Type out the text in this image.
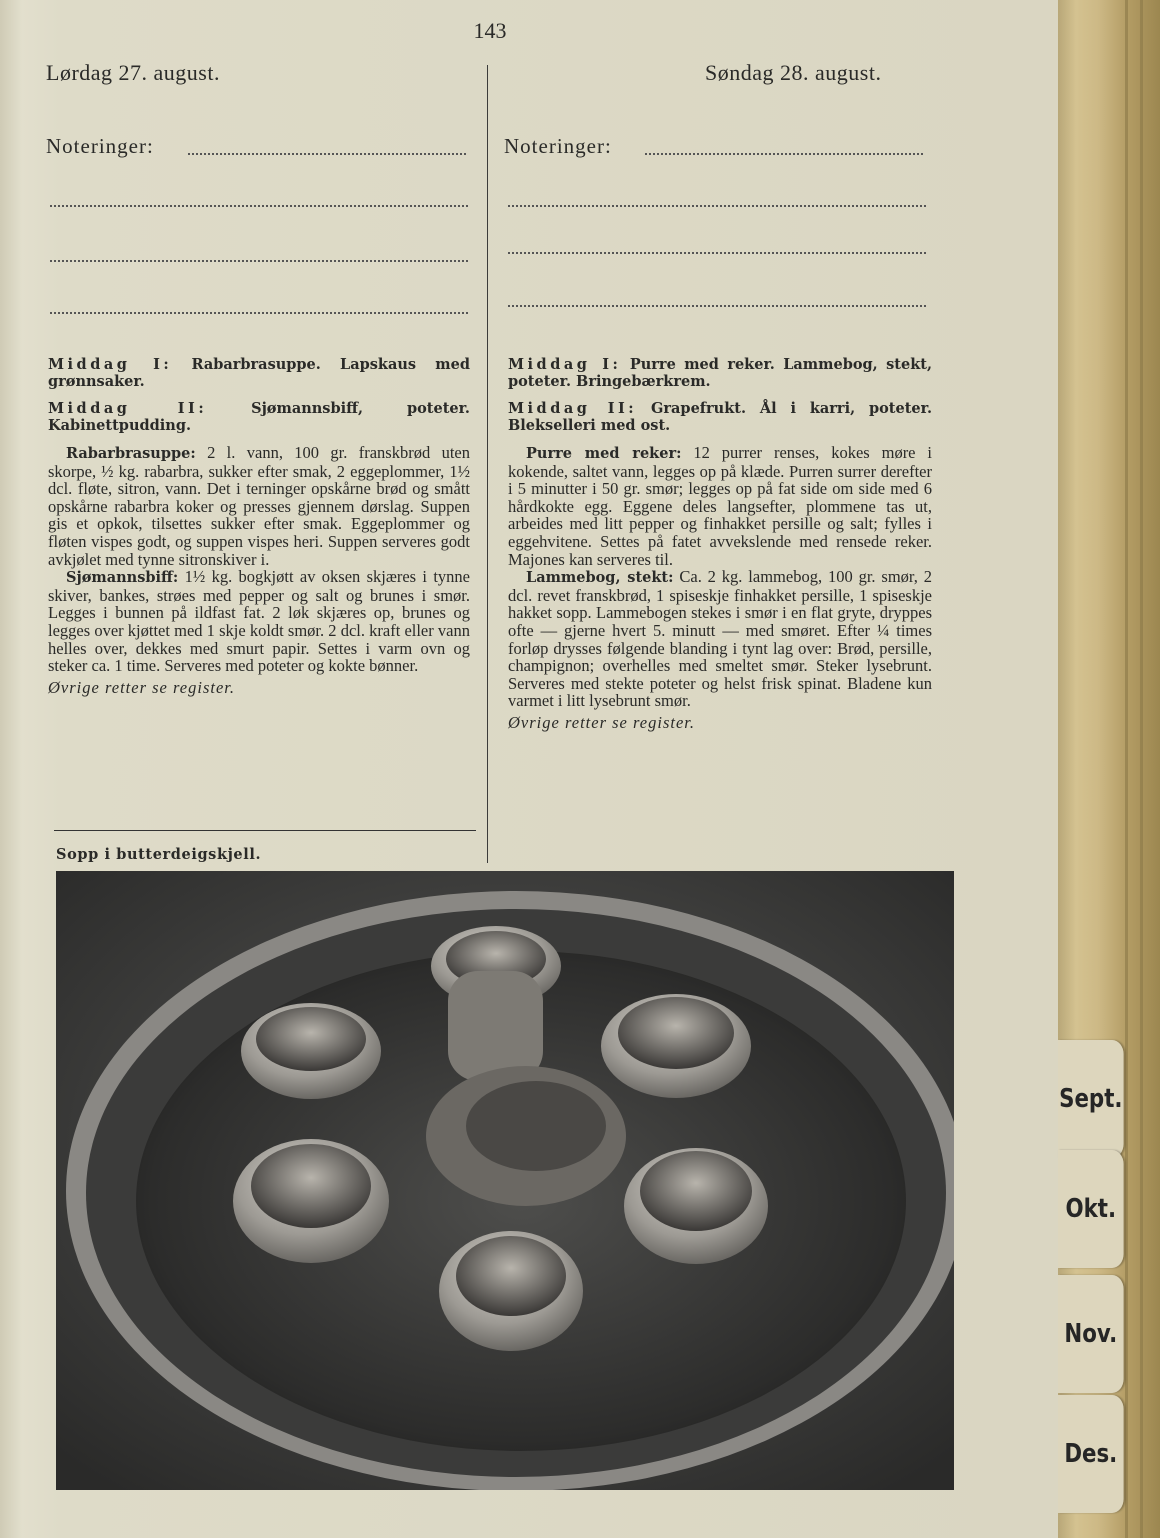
143
Lørdag 27. august.	Søndag 28. august.
Noteringer:	Noteringer:

Middag I: Rabarbrasuppe. Lapskaus med grønnsaker.

Middag II:	Sjømannsbiff, poteter. Kabinettpudding.

Rabarbrasuppe: 2 l. vann, 100 gr. franskbrød uten skorpe, ½ kg. rabarbra, sukker efter smak, 2 eggeplommer, 1½ dcl. fløte, sitron, vann. Det i terninger opskårne brød og smått opskårne rabarbra koker og presses gjennem dørslag. Suppen gis et opkok, tilsettes sukker efter smak. Eggeplommer og fløten vispes godt, og suppen vispes heri. Suppen serveres godt avkjølet med tynne sitronskiver i.

Sjømannsbiff: 1½ kg. bogkjøtt av oksen skjæres i tynne skiver, bankes, strøes med pepper og salt og brunes i smør. Legges i bunnen på ildfast fat. 2 løk skjæres op, brunes og legges over kjøttet med 1 skje koldt smør. 2 dcl. kraft eller vann helles over, dekkes med smurt papir. Settes i varm ovn og steker ca. 1 time. Serveres med poteter og kokte bønner.

Øvrige retter se register.

Sopp i butterdeigskjell.

Middag I: Purre med reker. Lammebog, stekt, poteter. Bringebærkrem.

Middag II: Grapefrukt. Ål i karri, poteter. Blekselleri med ost.

Purre med reker: 12 purrer renses, kokes møre i kokende, saltet vann, legges op på klæde. Purren surrer derefter i 5 minutter i 50 gr. smør; legges op på fat side om side med 6 hårdkokte egg. Eggene deles langsefter, plommene tas ut, arbeides med litt pepper og finhakket persille og salt; fylles i eggehvitene. Settes på fatet avvekslende med rensede reker. Majones kan serveres til.

Lammebog, stekt: Ca. 2 kg. lammebog, 100 gr. smør, 2 dcl. revet franskbrød, 1 spiseskje finhakket persille, 1 spiseskje hakket sopp. Lammebogen stekes i smør i en flat gryte, dryppes ofte — gjerne hvert 5. minutt — med smøret. Efter ¼ times forløp drysses følgende blanding i tynt lag over: Brød, persille, champignon; overhelles med smeltet smør. Steker lysebrunt. Serveres med stekte poteter og helst frisk spinat. Bladene kun varmet i litt lysebrunt smør.

Øvrige retter se register.

Sept.
Okt.
Nov.
Des.
